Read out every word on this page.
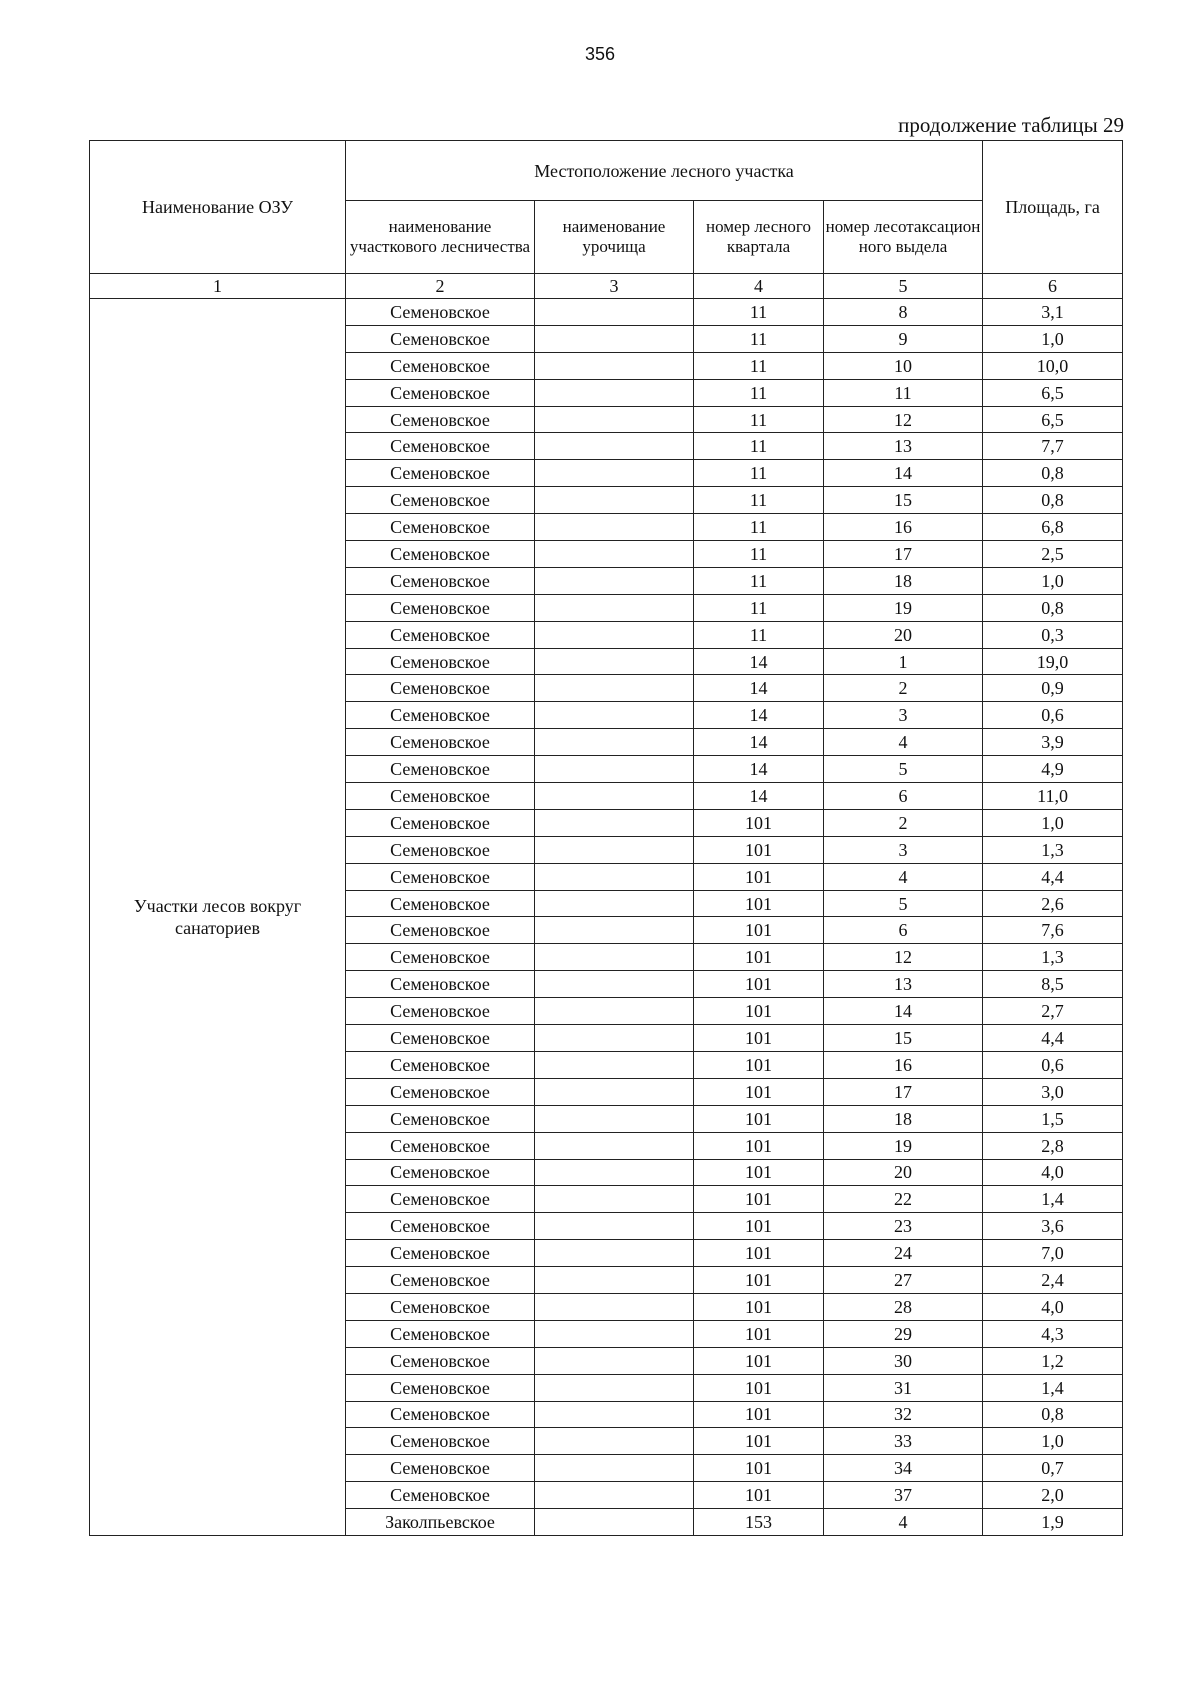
356
продолжение таблицы 29
Наименование ОЗУ	Местоположение лесного участка				Площадь, га
	наименование участкового лесничества	наименование урочища	номер лесного квартала	номер лесотаксацион ного выдела	
1	2	3	4	5	6
Участки лесов вокруг санаториев	Семеновское		11	8	3,1
	Семеновское		11	9	1,0
	Семеновское		11	10	10,0
	Семеновское		11	11	6,5
	Семеновское		11	12	6,5
	Семеновское		11	13	7,7
	Семеновское		11	14	0,8
	Семеновское		11	15	0,8
	Семеновское		11	16	6,8
	Семеновское		11	17	2,5
	Семеновское		11	18	1,0
	Семеновское		11	19	0,8
	Семеновское		11	20	0,3
	Семеновское		14	1	19,0
	Семеновское		14	2	0,9
	Семеновское		14	3	0,6
	Семеновское		14	4	3,9
	Семеновское		14	5	4,9
	Семеновское		14	6	11,0
	Семеновское		101	2	1,0
	Семеновское		101	3	1,3
	Семеновское		101	4	4,4
	Семеновское		101	5	2,6
	Семеновское		101	6	7,6
	Семеновское		101	12	1,3
	Семеновское		101	13	8,5
	Семеновское		101	14	2,7
	Семеновское		101	15	4,4
	Семеновское		101	16	0,6
	Семеновское		101	17	3,0
	Семеновское		101	18	1,5
	Семеновское		101	19	2,8
	Семеновское		101	20	4,0
	Семеновское		101	22	1,4
	Семеновское		101	23	3,6
	Семеновское		101	24	7,0
	Семеновское		101	27	2,4
	Семеновское		101	28	4,0
	Семеновское		101	29	4,3
	Семеновское		101	30	1,2
	Семеновское		101	31	1,4
	Семеновское		101	32	0,8
	Семеновское		101	33	1,0
	Семеновское		101	34	0,7
	Семеновское		101	37	2,0
	Заколпьевское		153	4	1,9
